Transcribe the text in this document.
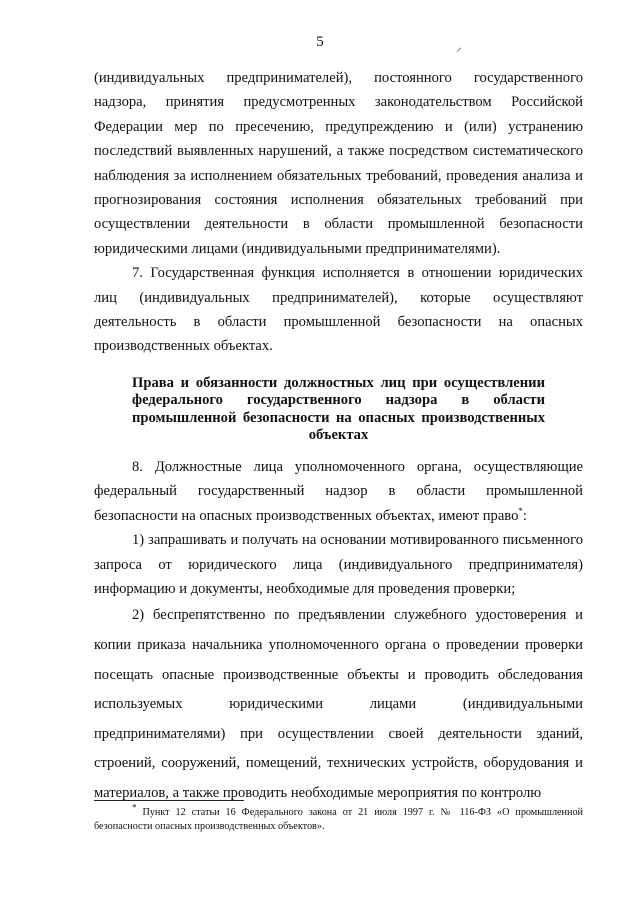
5	⸝

(индивидуальных предпринимателей), постоянного государственного надзора, принятия предусмотренных законодательством Российской Федерации мер по пресечению, предупреждению и (или) устранению последствий выявленных нарушений, а также посредством систематического наблюдения за исполнением обязательных требований, проведения анализа и прогнозирования состояния исполнения обязательных требований при осуществлении деятельности в области промышленной безопасности юридическими лицами (индивидуальными предпринимателями).

7. Государственная функция исполняется в отношении юридических лиц (индивидуальных предпринимателей), которые осуществляют деятельность в области промышленной безопасности на опасных производственных объектах.

Права и обязанности должностных лиц при осуществлении федерального государственного надзора в области промышленной безопасности на опасных производственных объектах

8. Должностные лица уполномоченного органа, осуществляющие федеральный государственный надзор в области промышленной безопасности на опасных производственных объектах, имеют право*:

1) запрашивать и получать на основании мотивированного письменного запроса от юридического лица (индивидуального предпринимателя) информацию и документы, необходимые для проведения проверки;

2) беспрепятственно по предъявлении служебного удостоверения и копии приказа начальника уполномоченного органа о проведении проверки посещать опасные производственные объекты и проводить обследования используемых юридическими лицами (индивидуальными предпринимателями) при осуществлении своей деятельности зданий, строений, сооружений, помещений, технических устройств, оборудования и материалов, а также проводить необходимые мероприятия по контролю

* Пункт 12 статьи 16 Федерального закона от 21 июля 1997 г. № 116-ФЗ «О промышленной безопасности опасных производственных объектов».
